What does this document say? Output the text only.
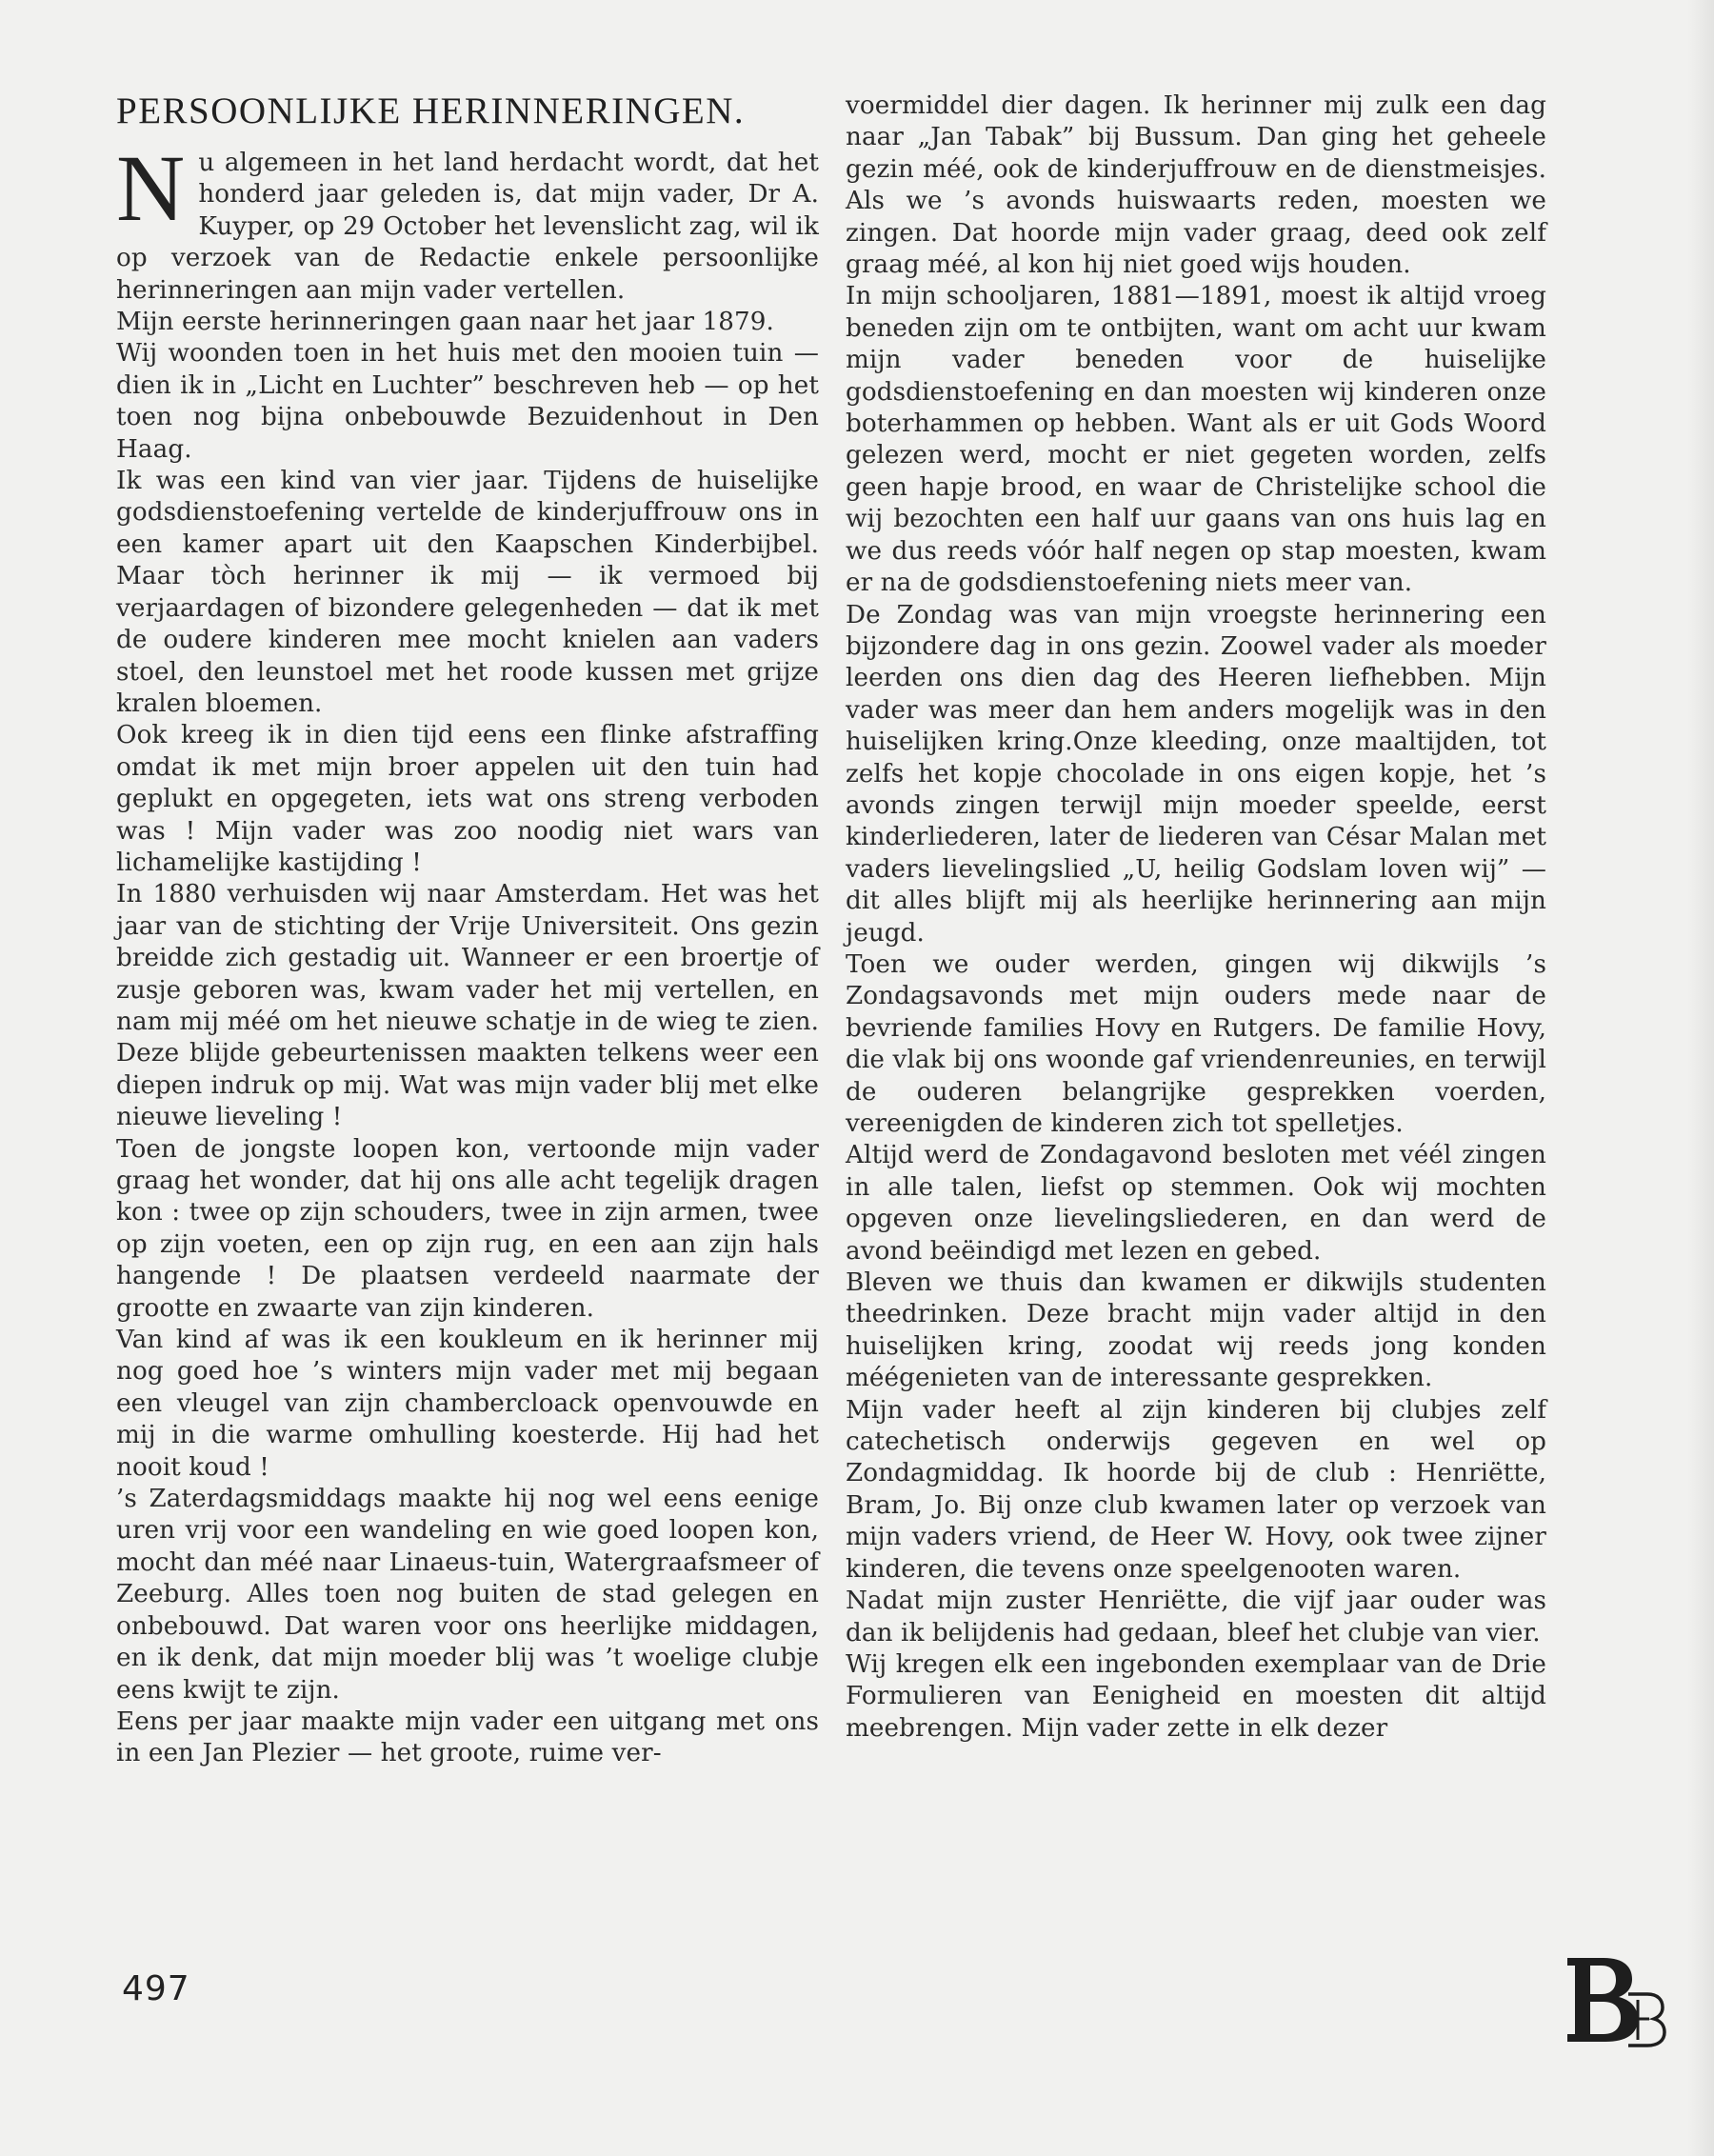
PERSOONLIJKE HERINNERINGEN.

Nu algemeen in het land herdacht wordt, dat het honderd jaar geleden is, dat mijn vader, Dr A. Kuyper, op 29 October het levenslicht zag, wil ik op verzoek van de Redactie enkele persoonlijke herinneringen aan mijn vader vertellen.

Mijn eerste herinneringen gaan naar het jaar 1879.

Wij woonden toen in het huis met den mooien tuin — dien ik in „Licht en Luchter” beschreven heb — op het toen nog bijna onbebouwde Bezuidenhout in Den Haag.

Ik was een kind van vier jaar. Tijdens de huiselijke godsdienstoefening vertelde de kinderjuffrouw ons in een kamer apart uit den Kaapschen Kinderbijbel. Maar tòch herinner ik mij — ik vermoed bij verjaardagen of bizondere gelegenheden — dat ik met de oudere kinderen mee mocht knielen aan vaders stoel, den leunstoel met het roode kussen met grijze kralen bloemen.

Ook kreeg ik in dien tijd eens een flinke afstraffing omdat ik met mijn broer appelen uit den tuin had geplukt en opgegeten, iets wat ons streng verboden was ! Mijn vader was zoo noodig niet wars van lichamelijke kastijding !

In 1880 verhuisden wij naar Amsterdam. Het was het jaar van de stichting der Vrije Universiteit. Ons gezin breidde zich gestadig uit. Wanneer er een broertje of zusje geboren was, kwam vader het mij vertellen, en nam mij méé om het nieuwe schatje in de wieg te zien. Deze blijde gebeurtenissen maakten telkens weer een diepen indruk op mij. Wat was mijn vader blij met elke nieuwe lieveling !

Toen de jongste loopen kon, vertoonde mijn vader graag het wonder, dat hij ons alle acht tegelijk dragen kon : twee op zijn schouders, twee in zijn armen, twee op zijn voeten, een op zijn rug, en een aan zijn hals hangende ! De plaatsen verdeeld naarmate der grootte en zwaarte van zijn kinderen.

Van kind af was ik een koukleum en ik herinner mij nog goed hoe ’s winters mijn vader met mij begaan een vleugel van zijn chambercloack openvouwde en mij in die warme omhulling koesterde. Hij had het nooit koud !

’s Zaterdagsmiddags maakte hij nog wel eens eenige uren vrij voor een wandeling en wie goed loopen kon, mocht dan méé naar Linaeus-tuin, Watergraafsmeer of Zeeburg. Alles toen nog buiten de stad gelegen en onbebouwd. Dat waren voor ons heerlijke middagen, en ik denk, dat mijn moeder blij was ’t woelige clubje eens kwijt te zijn.

Eens per jaar maakte mijn vader een uitgang met ons in een Jan Plezier — het groote, ruime ver-

voermiddel dier dagen. Ik herinner mij zulk een dag naar „Jan Tabak” bij Bussum. Dan ging het geheele gezin méé, ook de kinderjuffrouw en de dienstmeisjes. Als we ’s avonds huiswaarts reden, moesten we zingen. Dat hoorde mijn vader graag, deed ook zelf graag méé, al kon hij niet goed wijs houden.

In mijn schooljaren, 1881—1891, moest ik altijd vroeg beneden zijn om te ontbijten, want om acht uur kwam mijn vader beneden voor de huiselijke godsdienstoefening en dan moesten wij kinderen onze boterhammen op hebben. Want als er uit Gods Woord gelezen werd, mocht er niet gegeten worden, zelfs geen hapje brood, en waar de Christelijke school die wij bezochten een half uur gaans van ons huis lag en we dus reeds vóór half negen op stap moesten, kwam er na de godsdienstoefening niets meer van.

De Zondag was van mijn vroegste herinnering een bijzondere dag in ons gezin. Zoowel vader als moeder leerden ons dien dag des Heeren liefhebben. Mijn vader was meer dan hem anders mogelijk was in den huiselijken kring.Onze kleeding, onze maaltijden, tot zelfs het kopje chocolade in ons eigen kopje, het ’s avonds zingen terwijl mijn moeder speelde, eerst kinderliederen, later de liederen van César Malan met vaders lievelingslied „U, heilig Godslam loven wij” — dit alles blijft mij als heerlijke herinnering aan mijn jeugd.

Toen we ouder werden, gingen wij dikwijls ’s Zondagsavonds met mijn ouders mede naar de bevriende families Hovy en Rutgers. De familie Hovy, die vlak bij ons woonde gaf vriendenreunies, en terwijl de ouderen belangrijke gesprekken voerden, vereenigden de kinderen zich tot spelletjes.

Altijd werd de Zondagavond besloten met véél zingen in alle talen, liefst op stemmen. Ook wij mochten opgeven onze lievelingsliederen, en dan werd de avond beëindigd met lezen en gebed.

Bleven we thuis dan kwamen er dikwijls studenten theedrinken. Deze bracht mijn vader altijd in den huiselijken kring, zoodat wij reeds jong konden méégenieten van de interessante gesprekken.

Mijn vader heeft al zijn kinderen bij clubjes zelf catechetisch onderwijs gegeven en wel op Zondagmiddag. Ik hoorde bij de club : Henriëtte, Bram, Jo. Bij onze club kwamen later op verzoek van mijn vaders vriend, de Heer W. Hovy, ook twee zijner kinderen, die tevens onze speelgenooten waren.

Nadat mijn zuster Henriëtte, die vijf jaar ouder was dan ik belijdenis had gedaan, bleef het clubje van vier.

Wij kregen elk een ingebonden exemplaar van de Drie Formulieren van Eenigheid en moesten dit altijd meebrengen. Mijn vader zette in elk dezer

497
